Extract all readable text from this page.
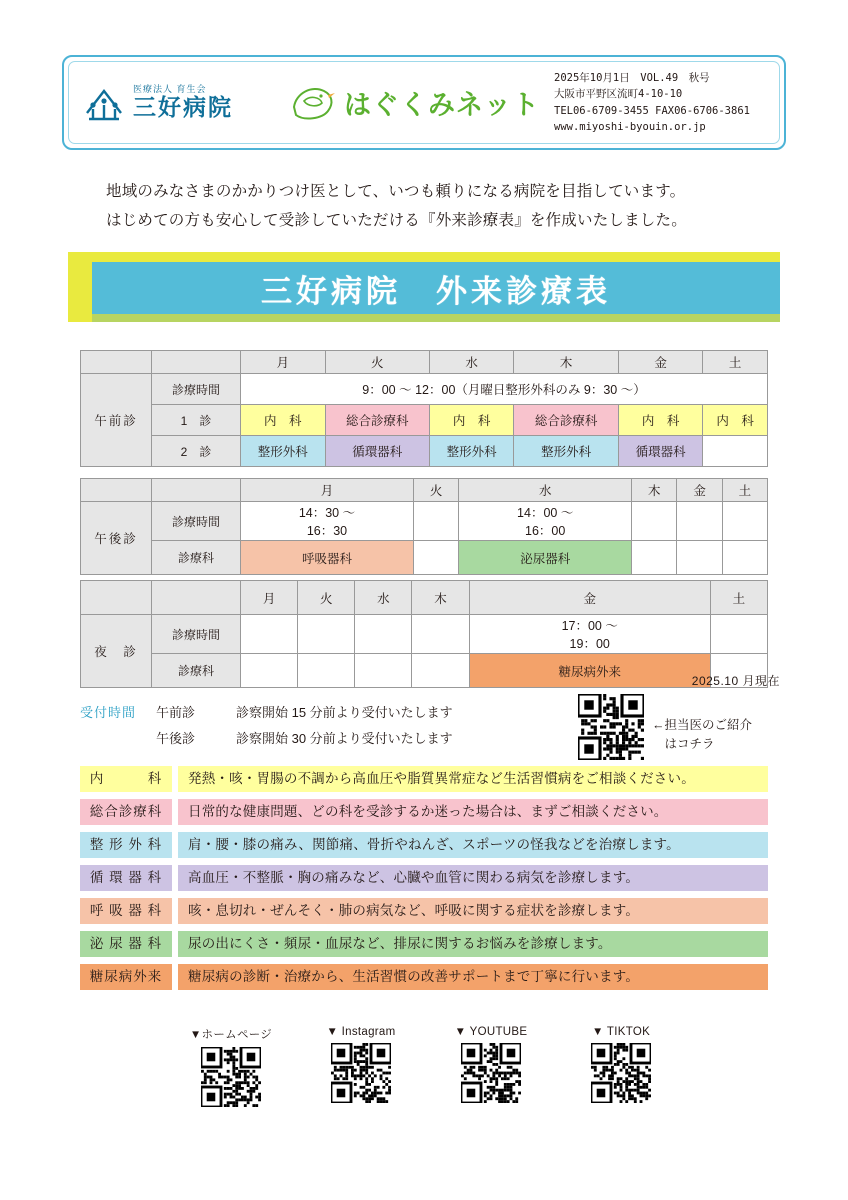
医療法人 育生会
三好病院	はぐくみネット
2025年10月1日　VOL.49　秋号
大阪市平野区流町4-10-10
TEL06-6709-3455 FAX06-6706-3861
www.miyoshi-byouin.or.jp
地域のみなさまのかかりつけ医として、いつも頼りになる病院を目指しています。
はじめての方も安心して受診していただける『外来診療表』を作成いたしました。
三好病院　外来診療表
		月	火	水	木	金	土
午前診	診療時間	9：00 ～ 12：00（月曜日整形外科のみ 9：30 ～）					
	1　診	内　科	総合診療科	内　科	総合診療科	内　科	内　科
	2　診	整形外科	循環器科	整形外科	整形外科	循環器科	
		月	火	水	木	金	土
午後診	診療時間	14：30 ～
16：30		14：00 ～
16：00			
	診療科	呼吸器科		泌尿器科			
		月	火	水	木	金	土
夜　診	診療時間					17：00 ～
19：00	
	診療科					糖尿病外来	
2025.10 月現在
受付時間	午前診	診察開始 15 分前より受付いたします
午後診	診察開始 30 分前より受付いたします
←担当医のご紹介
　はコチラ
内　　　科	発熱・咳・胃腸の不調から高血圧や脂質異常症など生活習慣病をご相談ください。
総合診療科	日常的な健康問題、どの科を受診するか迷った場合は、まずご相談ください。
整 形 外 科	肩・腰・膝の痛み、関節痛、骨折やねんざ、スポーツの怪我などを治療します。
循 環 器 科	高血圧・不整脈・胸の痛みなど、心臓や血管に関わる病気を診療します。
呼 吸 器 科	咳・息切れ・ぜんそく・肺の病気など、呼吸に関する症状を診療します。
泌 尿 器 科	尿の出にくさ・頻尿・血尿など、排尿に関するお悩みを診療します。
糖尿病外来	糖尿病の診断・治療から、生活習慣の改善サポートまで丁寧に行います。
▼ホームページ	▼ Instagram	▼ YOUTUBE	▼ TIKTOK
